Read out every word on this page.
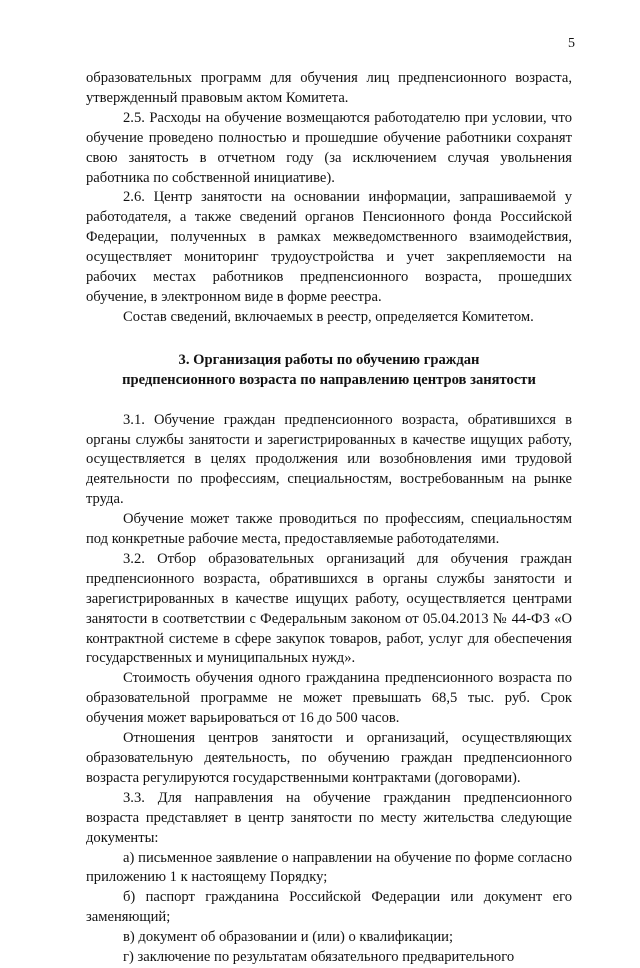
5

образовательных программ для обучения лиц предпенсионного возраста, утвержденный правовым актом Комитета.

2.5. Расходы на обучение возмещаются работодателю при условии, что обучение проведено полностью и прошедшие обучение работники сохранят свою занятость в отчетном году (за исключением случая увольнения работника по собственной инициативе).

2.6. Центр занятости на основании информации, запрашиваемой у работодателя, а также сведений органов Пенсионного фонда Российской Федерации, полученных в рамках межведомственного взаимодействия, осуществляет мониторинг трудоустройства и учет закрепляемости на рабочих местах работников предпенсионного возраста, прошедших обучение, в электронном виде в форме реестра.

Состав сведений, включаемых в реестр, определяется Комитетом.

3. Организация работы по обучению граждан
предпенсионного возраста по направлению центров занятости

3.1. Обучение граждан предпенсионного возраста, обратившихся в органы службы занятости и зарегистрированных в качестве ищущих работу, осуществляется в целях продолжения или возобновления ими трудовой деятельности по профессиям, специальностям, востребованным на рынке труда.

Обучение может также проводиться по профессиям, специальностям под конкретные рабочие места, предоставляемые работодателями.

3.2. Отбор образовательных организаций для обучения граждан предпенсионного возраста, обратившихся в органы службы занятости и зарегистрированных в качестве ищущих работу, осуществляется центрами занятости в соответствии с Федеральным законом от 05.04.2013 № 44-ФЗ «О контрактной системе в сфере закупок товаров, работ, услуг для обеспечения государственных и муниципальных нужд».

Стоимость обучения одного гражданина предпенсионного возраста по образовательной программе не может превышать 68,5 тыс. руб. Срок обучения может варьироваться от 16 до 500 часов.

Отношения центров занятости и организаций, осуществляющих образовательную деятельность, по обучению граждан предпенсионного возраста регулируются государственными контрактами (договорами).

3.3. Для направления на обучение гражданин предпенсионного возраста представляет в центр занятости по месту жительства следующие документы:

а) письменное заявление о направлении на обучение по форме согласно приложению 1 к настоящему Порядку;

б) паспорт гражданина Российской Федерации или документ его заменяющий;

в) документ об образовании и (или) о квалификации;

г) заключение по результатам обязательного предварительного
